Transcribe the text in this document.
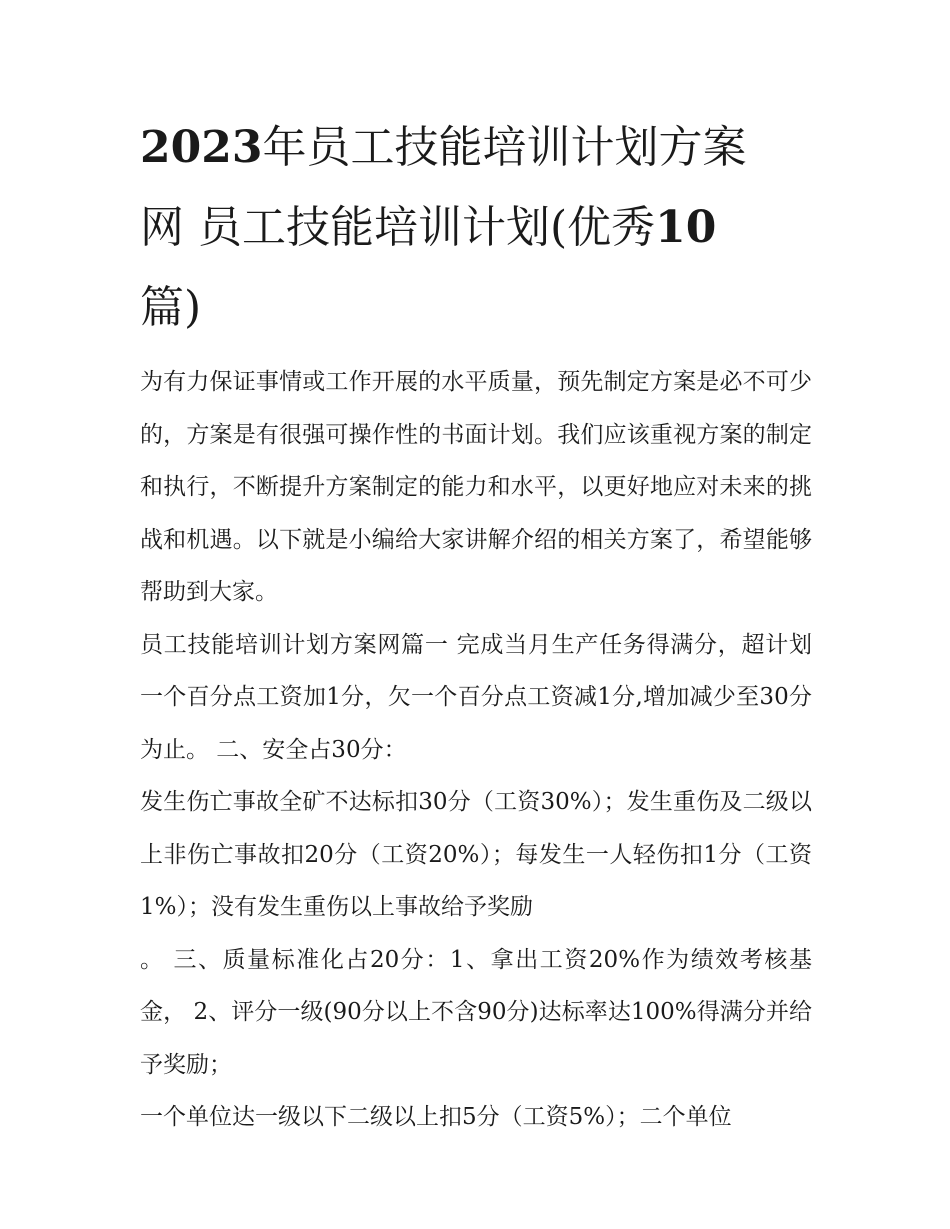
2023年员工技能培训计划方案
网 员工技能培训计划(优秀10
篇)

为有力保证事情或工作开展的水平质量，预先制定方案是必不可少的，方案是有很强可操作性的书面计划。我们应该重视方案的制定和执行，不断提升方案制定的能力和水平，以更好地应对未来的挑战和机遇。以下就是小编给大家讲解介绍的相关方案了，希望能够帮助到大家。

员工技能培训计划方案网篇一 完成当月生产任务得满分，超计划一个百分点工资加1分，欠一个百分点工资减1分,增加减少至30分为止。 二、安全占30分：

发生伤亡事故全矿不达标扣30分（工资30%）；发生重伤及二级以上非伤亡事故扣20分（工资20%）；每发生一人轻伤扣1分（工资1%）；没有发生重伤以上事故给予奖励

。 三、质量标准化占20分：1、拿出工资20%作为绩效考核基金， 2、评分一级(90分以上不含90分)达标率达100%得满分并给予奖励；

一个单位达一级以下二级以上扣5分（工资5%）；二个单位
